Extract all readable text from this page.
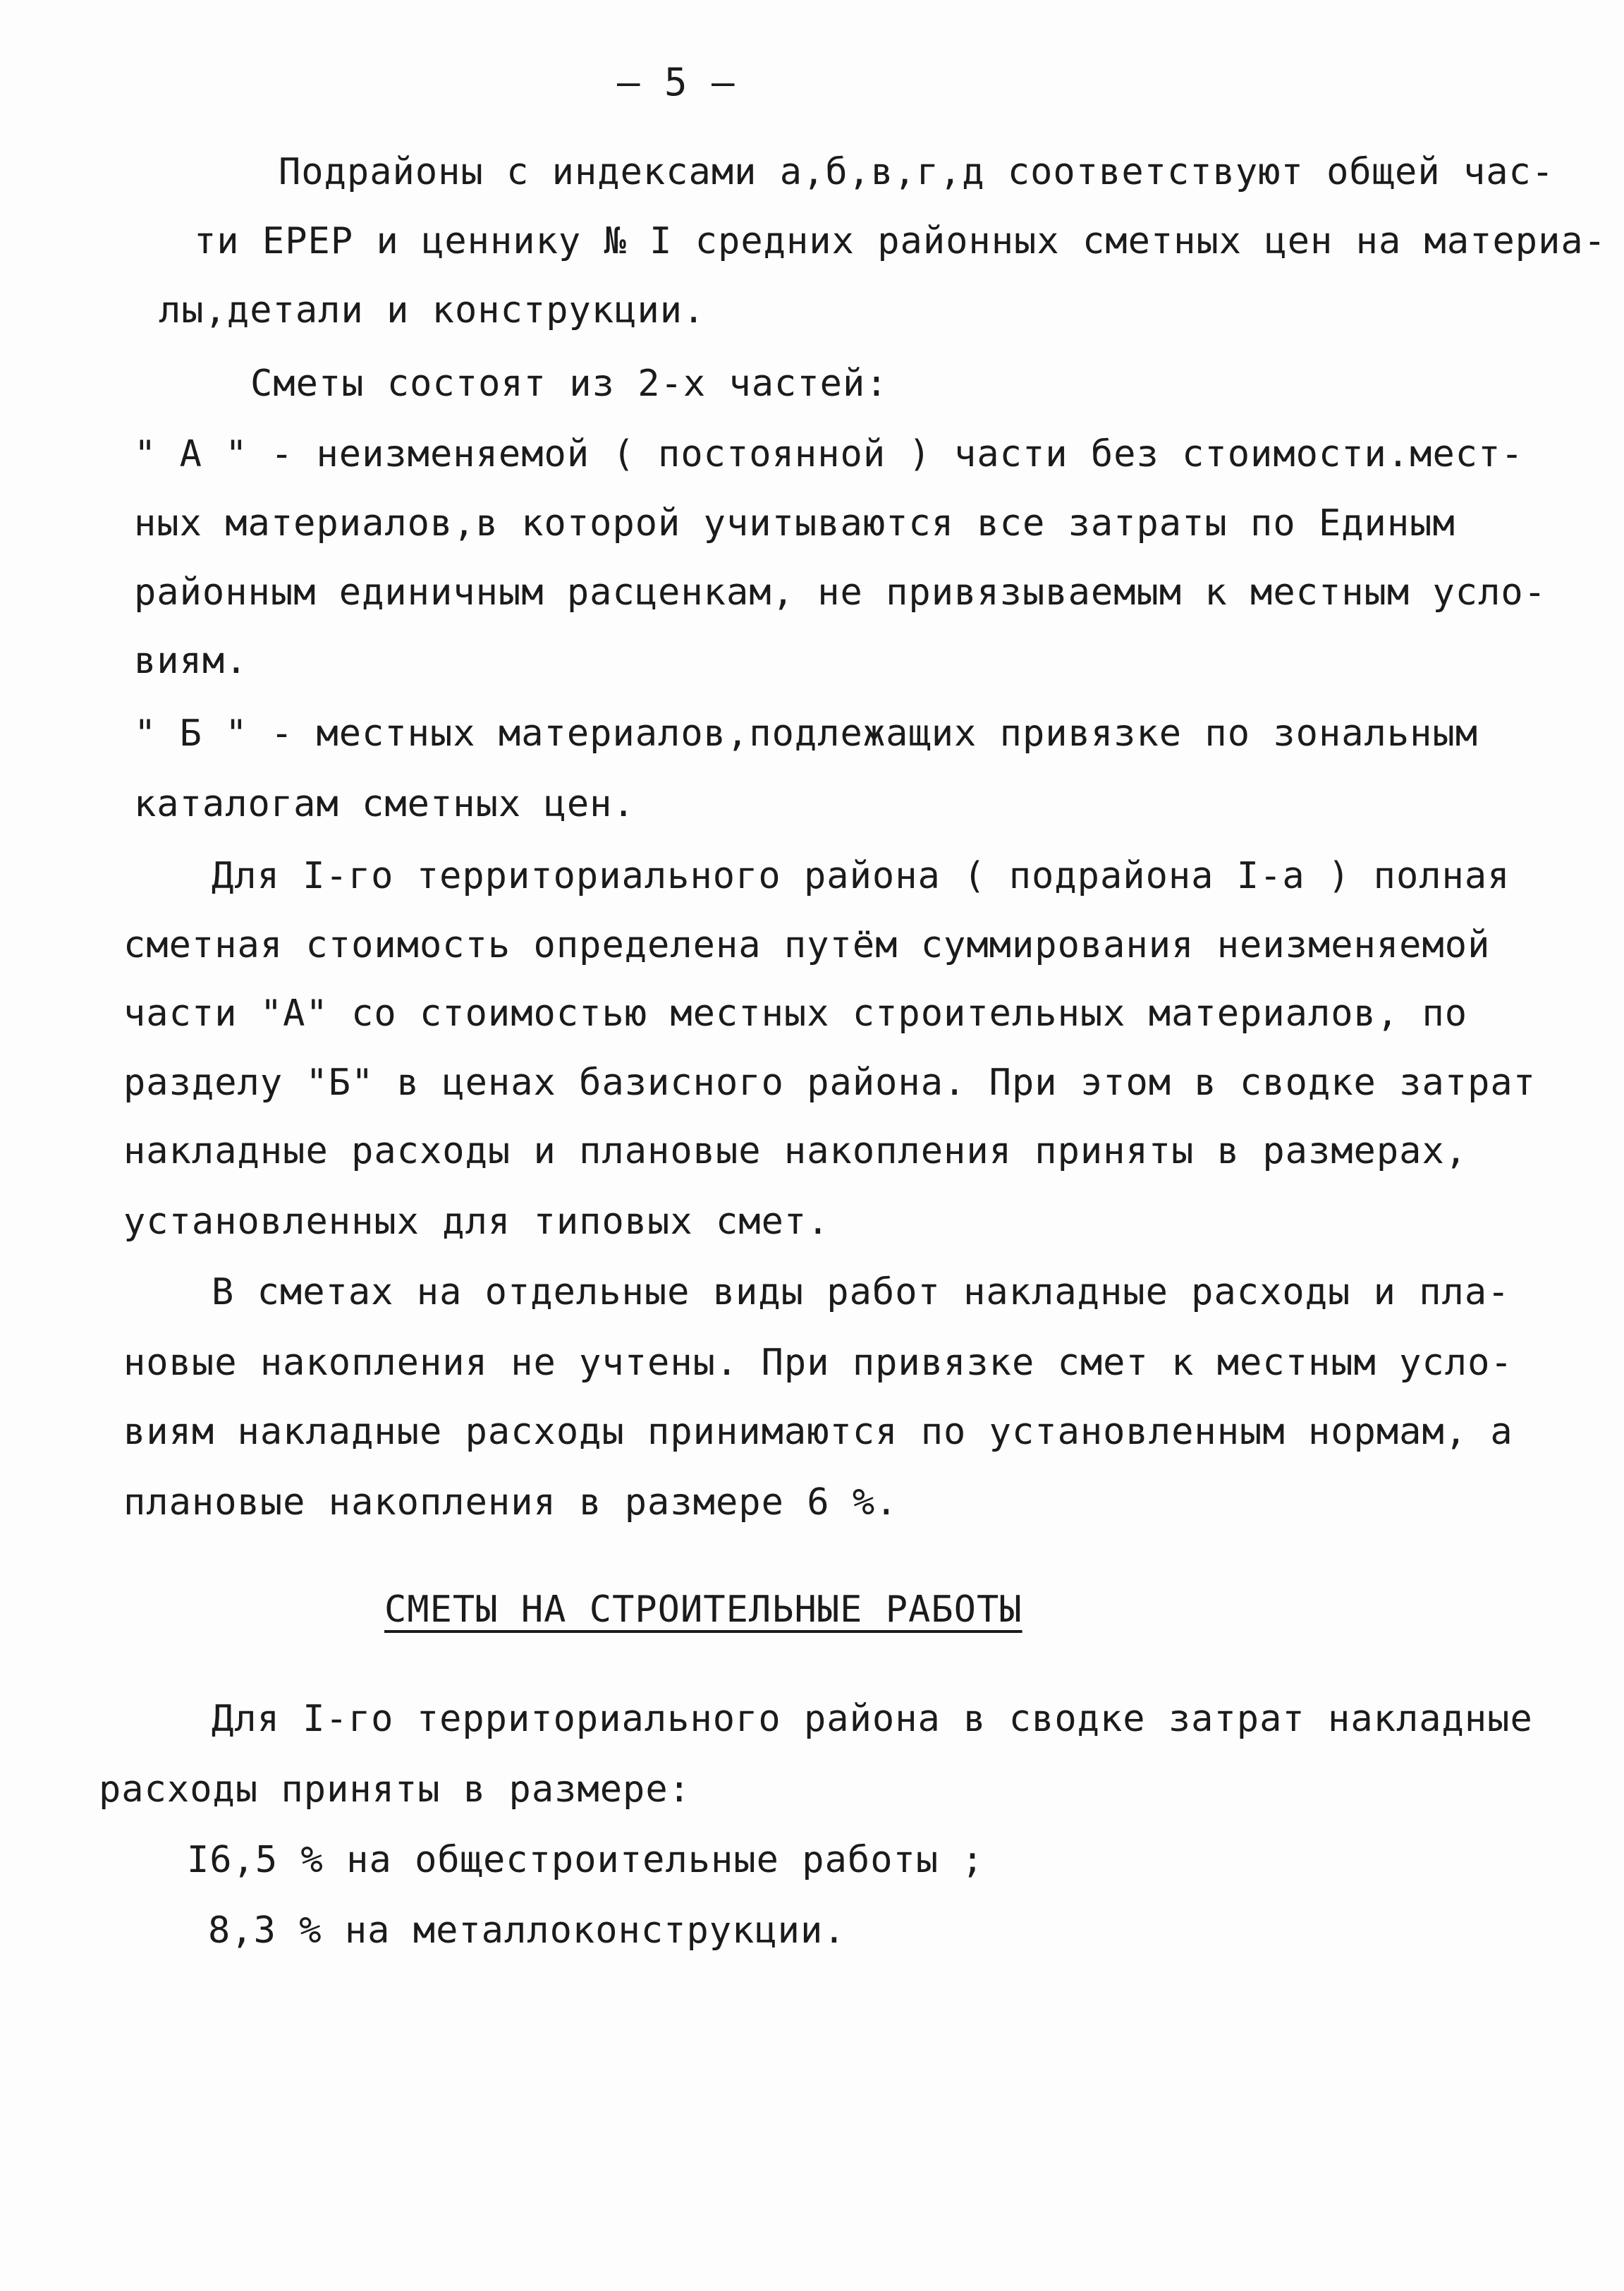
– 5 –
Подрайоны с индексами а,б,в,г,д соответствуют общей час-
ти ЕРЕР и ценнику № I средних районных сметных цен на материа-
лы,детали и конструкции.
Сметы состоят из 2-х частей:
" А " - неизменяемой ( постоянной ) части без стоимости.мест-
ных материалов,в которой учитываются все затраты по Единым
районным единичным расценкам, не привязываемым к местным усло-
виям.
" Б " - местных материалов,подлежащих привязке по зональным
каталогам сметных цен.
Для I-го территориального района ( подрайона I-а ) полная
сметная стоимость определена путём суммирования неизменяемой
части "А" со стоимостью местных строительных материалов, по
разделу "Б" в ценах базисного района. При этом в сводке затрат
накладные расходы и плановые накопления приняты в размерах,
установленных для типовых смет.
В сметах на отдельные виды работ накладные расходы и пла-
новые накопления не учтены. При привязке смет к местным усло-
виям накладные расходы принимаются по установленным нормам, а
плановые накопления в размере 6 %.
СМЕТЫ НА СТРОИТЕЛЬНЫЕ РАБОТЫ
Для I-го территориального района в сводке затрат накладные
расходы приняты в размере:
I6,5 % на общестроительные работы ;
8,3 % на металлоконструкции.
